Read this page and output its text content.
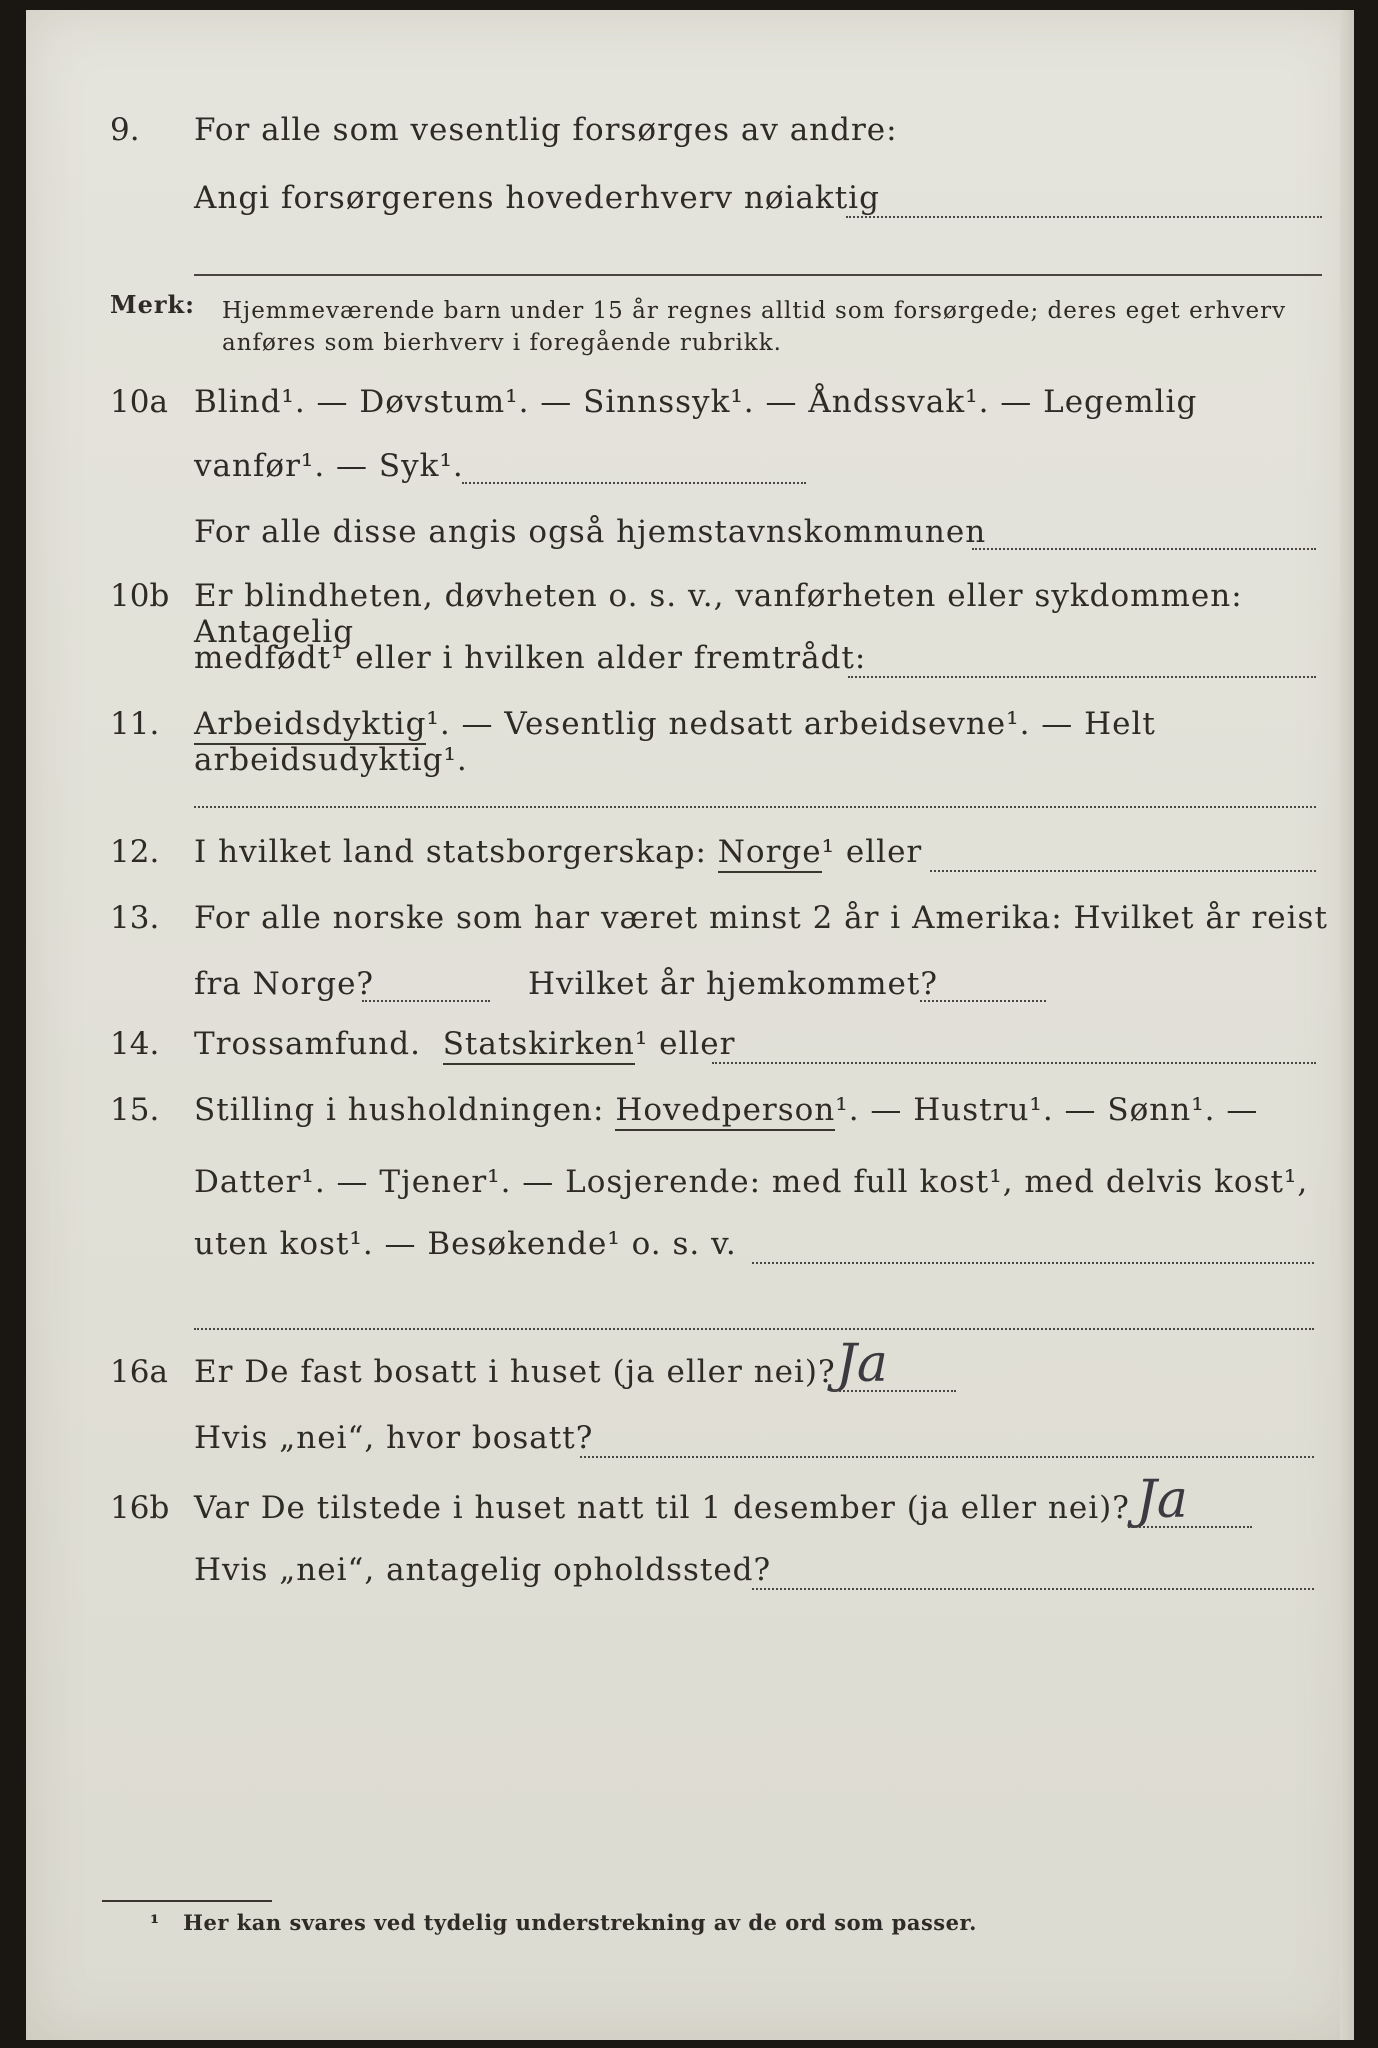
9. For alle som vesentlig forsørges av andre:
Angi forsørgerens hovederhverv nøiaktig
Merk: Hjemmeværende barn under 15 år regnes alltid som forsørgede; deres eget erhverv
anføres som bierhverv i foregående rubrikk.
10a Blind¹. — Døvstum¹. — Sinnssyk¹. — Åndssvak¹. — Legemlig
vanfør¹. — Syk¹.
For alle disse angis også hjemstavnskommunen
10b Er blindheten, døvheten o. s. v., vanførheten eller sykdommen: Antagelig
medfødt¹ eller i hvilken alder fremtrådt:
11. Arbeidsdyktig¹. — Vesentlig nedsatt arbeidsevne¹. — Helt arbeidsudyktig¹.
12. I hvilket land statsborgerskap: Norge¹ eller
13. For alle norske som har været minst 2 år i Amerika: Hvilket år reist
fra Norge?	Hvilket år hjemkommet?
14. Trossamfund. Statskirken¹ eller
15. Stilling i husholdningen: Hovedperson¹. — Hustru¹. — Sønn¹. —
Datter¹. — Tjener¹. — Losjerende: med full kost¹, med delvis kost¹,
uten kost¹. — Besøkende¹ o. s. v.
16a Er De fast bosatt i huset (ja eller nei)? Ja
Hvis „nei“, hvor bosatt?
16b Var De tilstede i huset natt til 1 desember (ja eller nei)? Ja
Hvis „nei“, antagelig opholdssted?
¹ Her kan svares ved tydelig understrekning av de ord som passer.
